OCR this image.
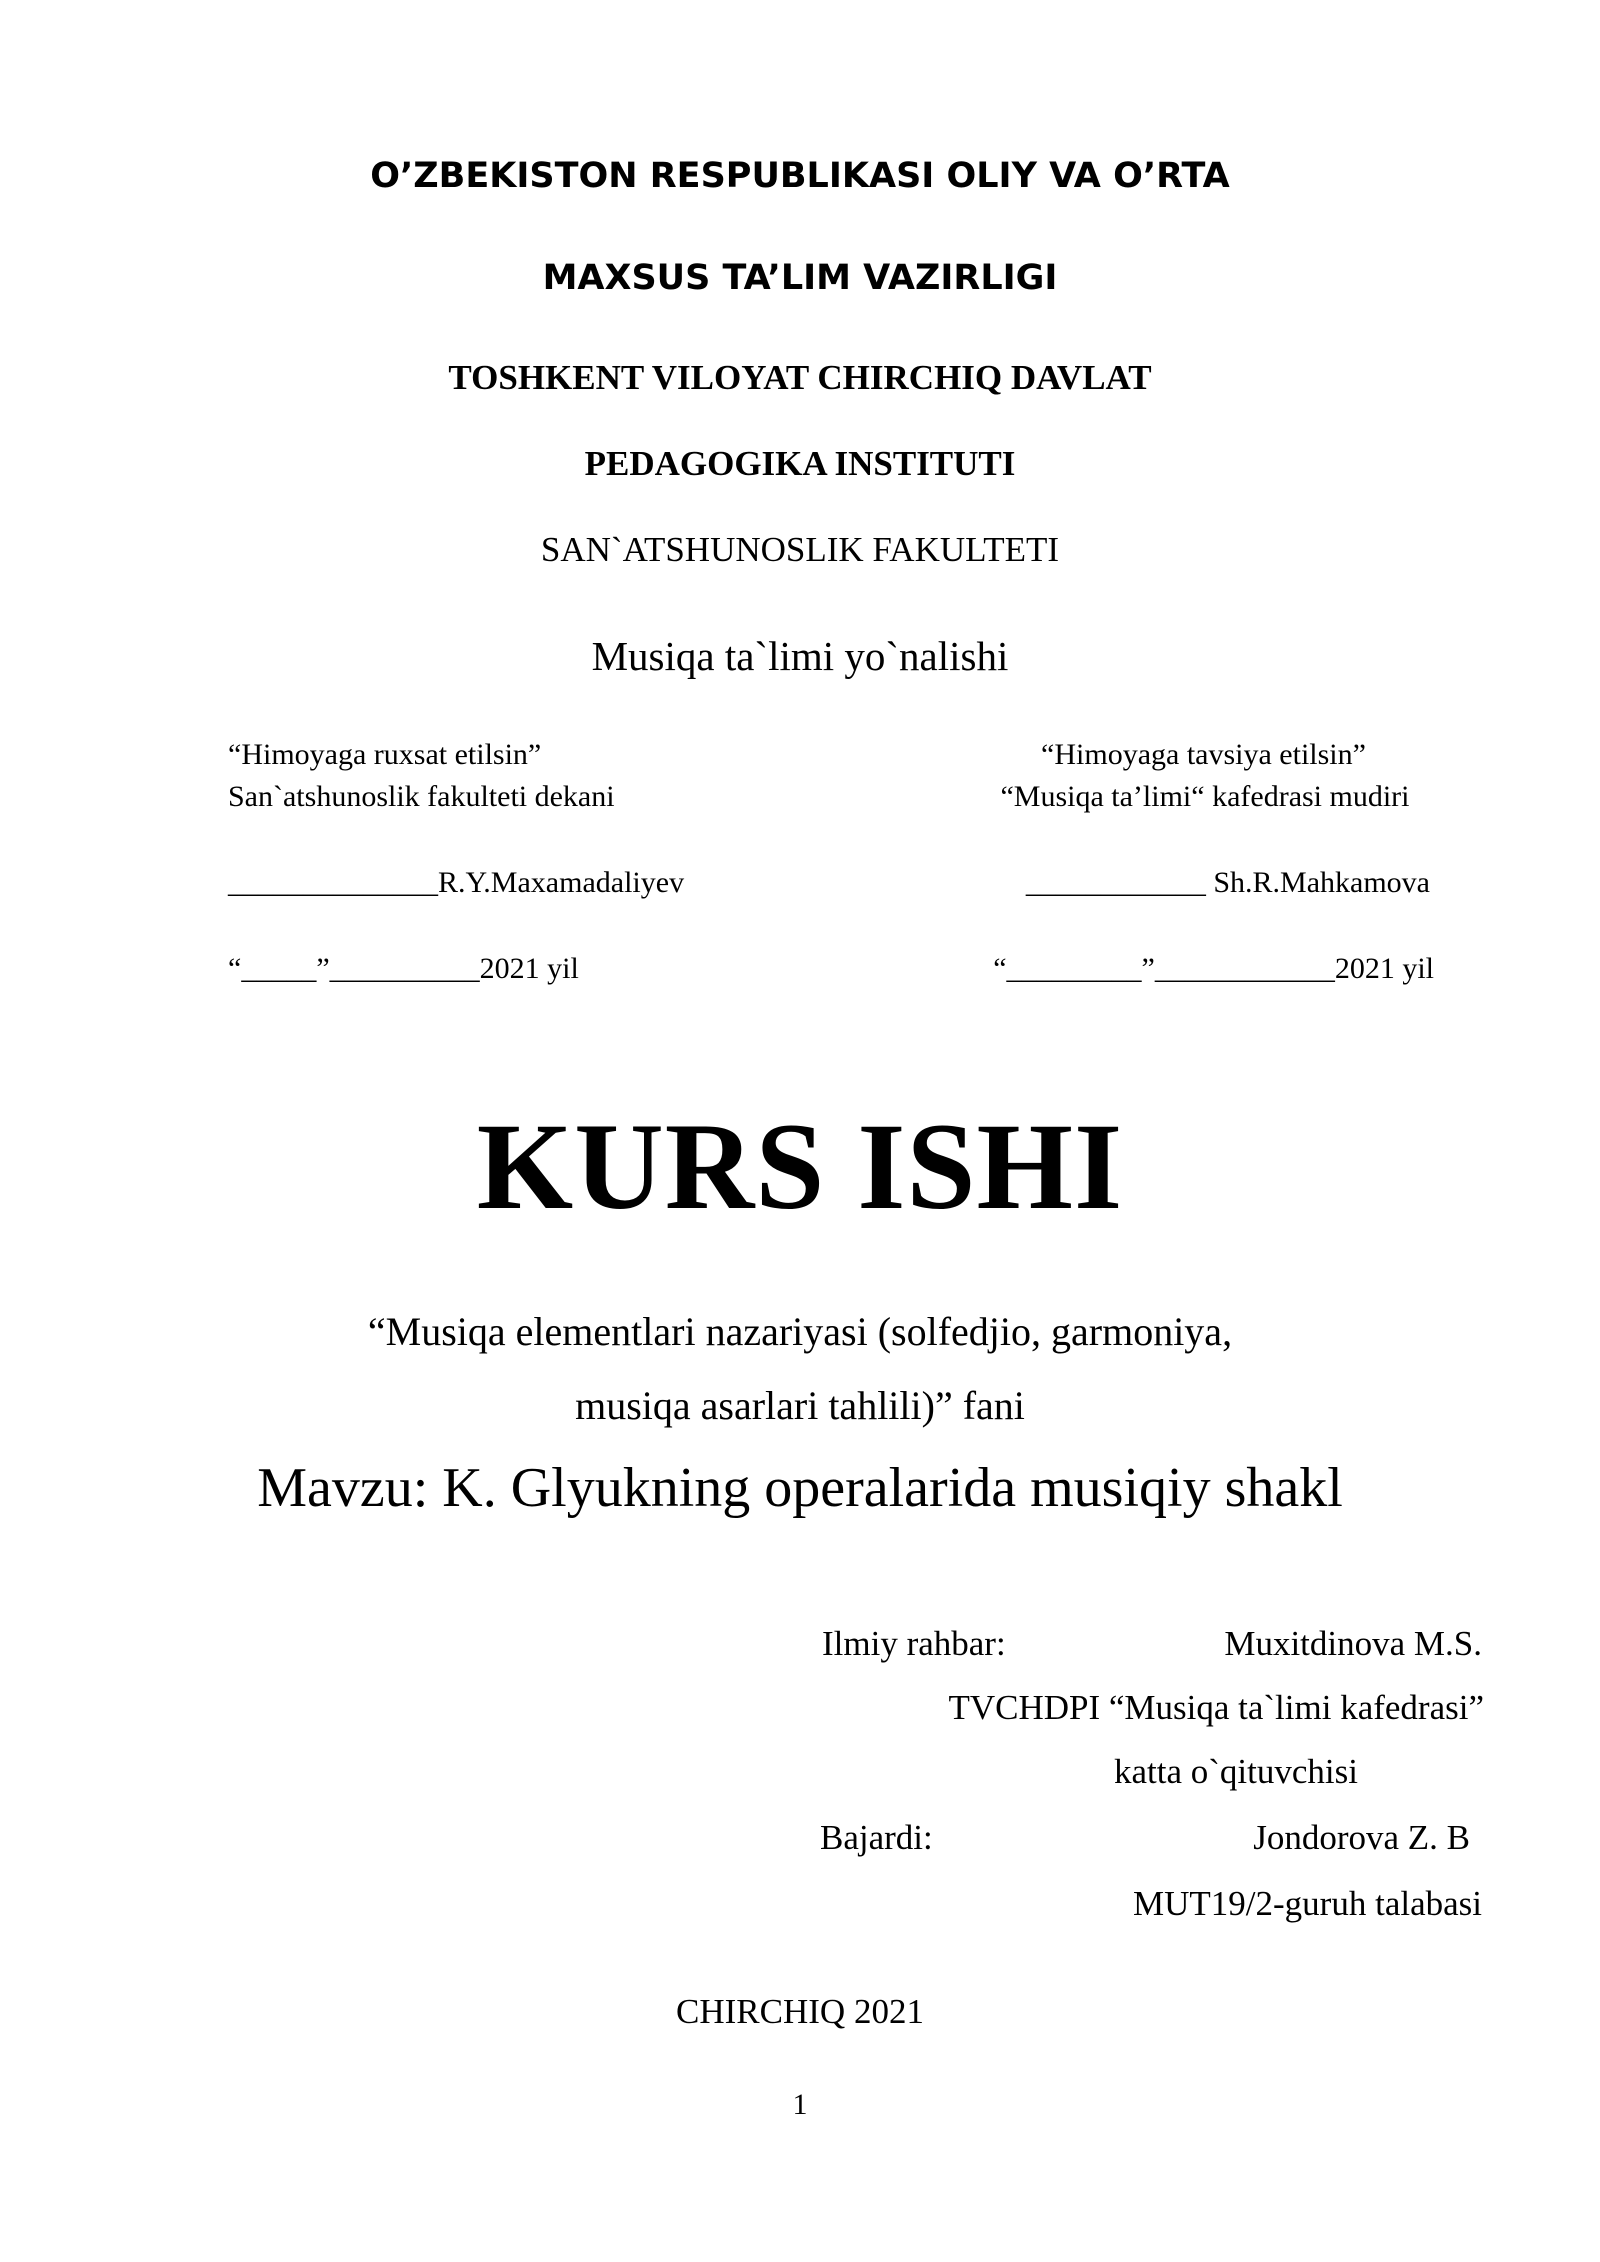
O’ZBEKISTON RESPUBLIKASI OLIY VA O’RTA
MAXSUS TA’LIM VAZIRLIGI
TOSHKENT VILOYAT CHIRCHIQ DAVLAT
PEDAGOGIKA INSTITUTI
SAN`ATSHUNOSLIK FAKULTETI
Musiqa ta`limi yo`nalishi
“Himoyaga ruxsat etilsin”
San`atshunoslik fakulteti dekani
______________R.Y.Maxamadaliyev
“_____”__________2021 yil
“Himoyaga tavsiya etilsin”
“Musiqa ta’limi“ kafedrasi mudiri
____________ Sh.R.Mahkamova
“_________”____________2021 yil
KURS ISHI
“Musiqa elementlari nazariyasi (solfedjio, garmoniya,
musiqa asarlari tahlili)” fani
Mavzu: K. Glyukning operalarida musiqiy shakl
Ilmiy rahbar:	Muxitdinova M.S.
TVCHDPI “Musiqa ta`limi kafedrasi”
katta o`qituvchisi
Bajardi:	Jondorova Z. B
MUT19/2-guruh talabasi
CHIRCHIQ 2021
1
